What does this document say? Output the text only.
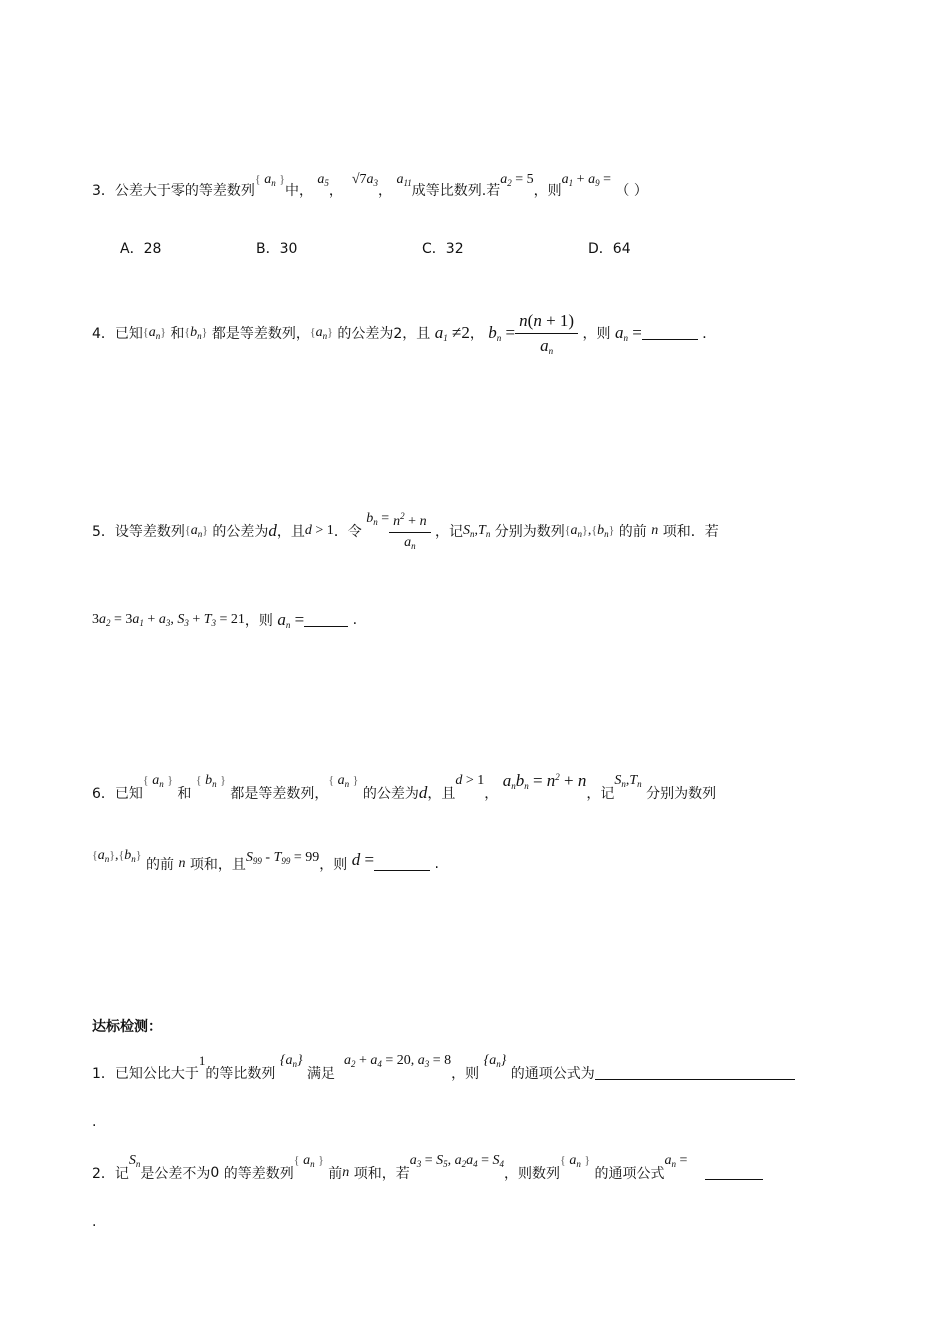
3．公差大于零的等差数列{ $a_n$ }中， $a_5$，  $√7a_3$， $a_{11}$成等比数列.若$a_2 = 5$，则$a_1 + a_9$ = （ ）
A．28	B．30	C．32	D．64
4． 已知 $\{a_n\}$
和 $\{b_n\}$
都是等差数列， $\{a_n\}$
的公差为2，且
$a_1 \ne 2$ ，
$b_n = \frac{n(n + 1)}{a_n}$
，则
$a_n$ =
	．
5． 设等差数列 $\{a_n\}$
的公差为 d ，且 d > 1 ．令

$b_n = \frac{n^2 + n}{a_n}$
，记 $S_n,T_n$
分别为数列 $\{a_n\},\{b_n\}$
的前
n
项和．若
$3a_2 = 3a_1 + a_3$, $S_3 + T_3 = 21$ ，则
$a_n$ =
	.
6． 已知
{ $a_n$ }

和

{ $b_n$ }

都是等差数列，
{ $a_n$ }

的公差为 d ，且
d > 1
，

$a_nb_n = n^2 + n$
，记
$S_n,T_n$

分别为数列
$\{a_n\},\{b_n\}$

的前
n
项和，且 $S_{99} - T_{99} = 99$ ，则
d =
	.
达标检测：
1． 已知公比大于
1
的等比数列

$\{a_n\}$

满足

$a_2 + a_4 = 20$, $a_3 = 8$
，则

$\{a_n\}$

的通项公式为
.
2． 记
$S_n$
是公差不为 0
的等差数列
{ $a_n$ }

前 n
项和，若
$a_3 = S_5$, $a_2a_4 = S_4$
，则数列
{ $a_n$ }

的通项公式
$a_n$ =

.
